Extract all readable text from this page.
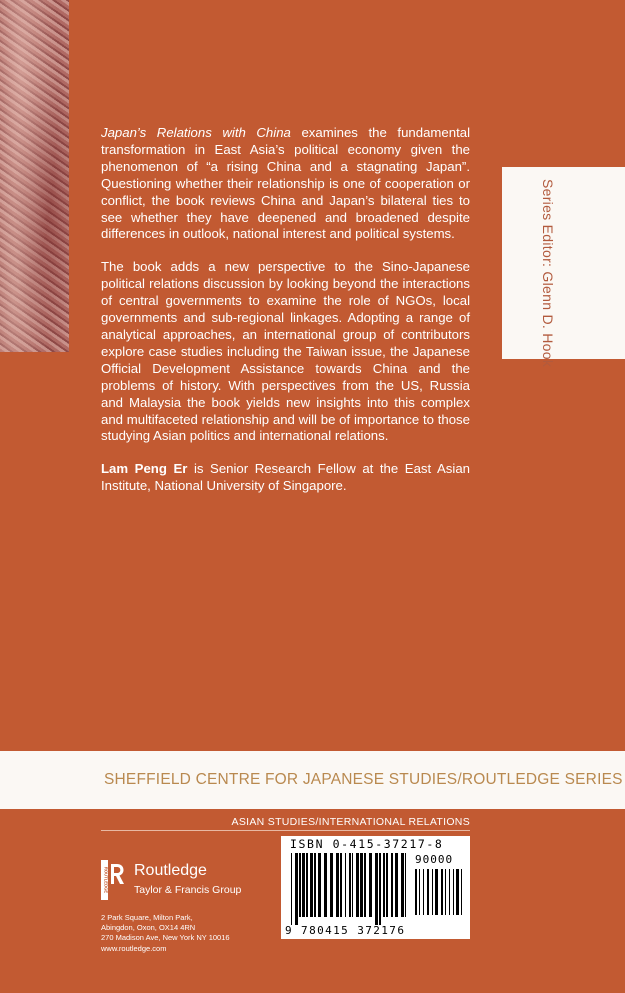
Series Editor: Glenn D. Hook

Japan’s Relations with China examines the fundamental transformation in East Asia’s political economy given the phenomenon of “a rising China and a stagnating Japan”. Questioning whether their relationship is one of cooperation or conflict, the book reviews China and Japan’s bilateral ties to see whether they have deepened and broadened despite differences in outlook, national interest and political systems.

The book adds a new perspective to the Sino-Japanese political relations discussion by looking beyond the interactions of central governments to examine the role of NGOs, local governments and sub-regional linkages. Adopting a range of analytical approaches, an international group of contributors explore case studies including the Taiwan issue, the Japanese Official Development Assistance towards China and the problems of history. With perspectives from the US, Russia and Malaysia the book yields new insights into this complex and multifaceted relationship and will be of importance to those studying Asian politics and international relations.

Lam Peng Er is Senior Research Fellow at the East Asian Institute, National University of Singapore.

SHEFFIELD CENTRE FOR JAPANESE STUDIES/ROUTLEDGE SERIES
ASIAN STUDIES/INTERNATIONAL RELATIONS
ROUTLEDGE Routledge
Taylor & Francis Group
2 Park Square, Milton Park,
Abingdon, Oxon, OX14 4RN
270 Madison Ave, New York NY 10016
www.routledge.com
ISBN 0-415-37217-8
90000
9 780415 372176
